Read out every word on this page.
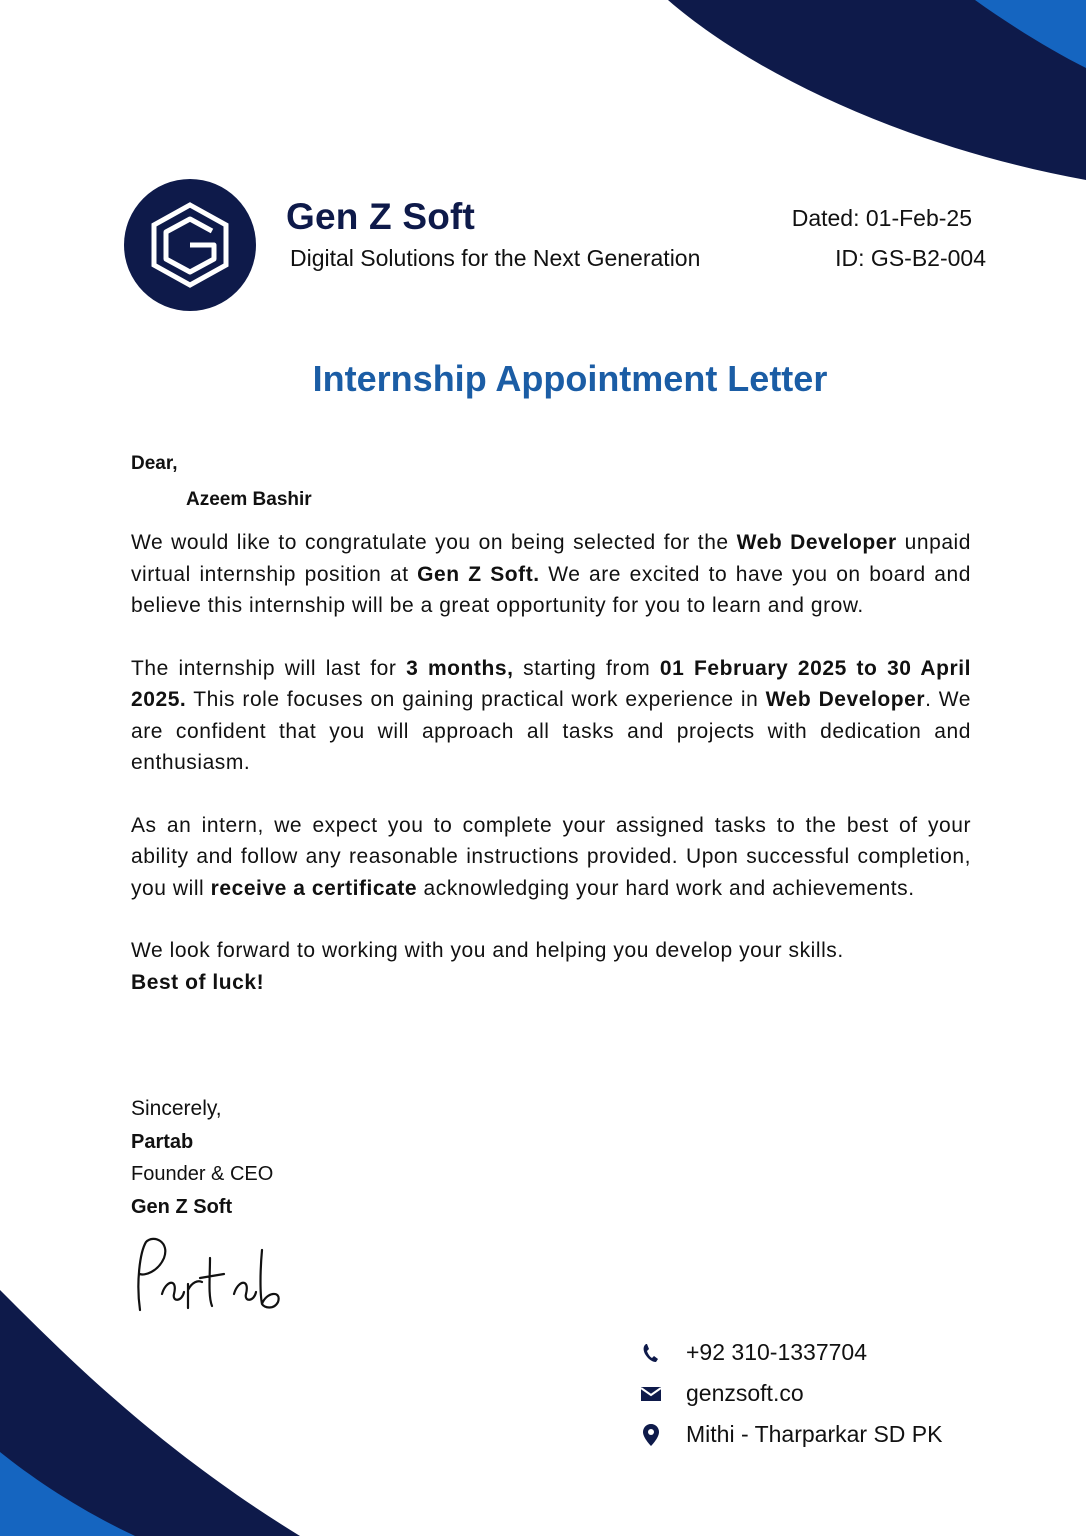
Gen Z Soft
Digital Solutions for the Next Generation
Dated: 01-Feb-25
ID: GS-B2-004
Internship Appointment Letter
Dear,
Azeem Bashir

We would like to congratulate you on being selected for the Web Developer unpaid virtual internship position at Gen Z Soft. We are excited to have you on board and believe this internship will be a great opportunity for you to learn and grow.

The internship will last for 3 months, starting from 01 February 2025 to 30 April 2025. This role focuses on gaining practical work experience in Web Developer. We are confident that you will approach all tasks and projects with dedication and enthusiasm.

As an intern, we expect you to complete your assigned tasks to the best of your ability and follow any reasonable instructions provided. Upon successful completion, you will receive a certificate acknowledging your hard work and achievements.

We look forward to working with you and helping you develop your skills.
Best of luck!

Sincerely,
Partab
Founder & CEO
Gen Z Soft
+92 310-1337704
genzsoft.co
Mithi - Tharparkar SD PK
